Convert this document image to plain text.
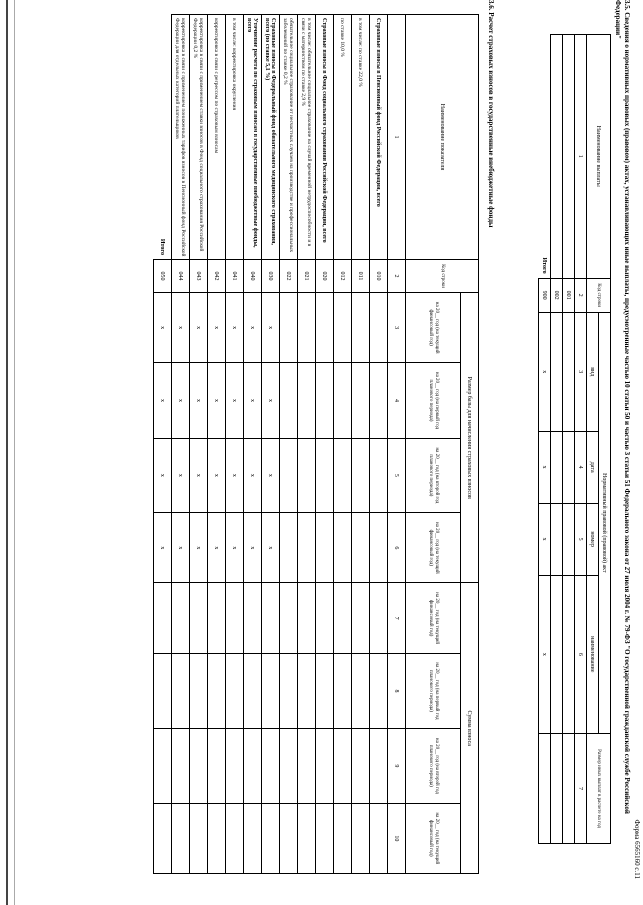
Форма 6565160 с.11
3.5. Сведения о нормативных правовых (правовом) актах, устанавливающих иные выплаты, предусмотренные частью 10 статьи 50 и частью 3 статьи 51 Федерального закона от 27 июля 2004 г. № 79-ФЗ "О государственной гражданской службе Российской
Федерации"
Наименование выплаты	Код строки	Нормативный правовой (правовой) акт				Размер иных выплат в расчете на год
		вид	дата	номер	наименование	
1	2	3	4	5	6	7
	001					
	002					
Итого	900	x	x	x	x	
3.6. Расчет страховых взносов в государственные внебюджетные фонды
Наименование показателя	Код строки	Размер базы для начисления страховых взносов				Сумма взноса			
		на 20__ год (на текущий финансовый год)	на 20__ год (на первый год планового периода)	на 20__ год (на второй год планового периода)	на 20__ год (на текущий финансовый год)	на 20__ год (на текущий финансовый год)	на 20__ год (на первый год планового периода)	на 20__ год (на второй год планового периода)	на 20__ год (на текущий финансовый год)
1	2	3	4	5	6	7	8	9	10
Страховые взносы в Пенсионный фонд Российской Федерации, всего	010								
в том числе: по ставке 22,0 %	011								
по ставке 10,0 %	012								
Страховые взносы в Фонд социального страхования Российской Федерации, всего	020								
в том числе: обязательное социальное страхование на случай временной нетрудоспособности и в связи с материнством по ставке 2,9 %	021								
обязательное социальное страхование от несчастных случаев на производстве и профессиональных заболеваний по ставке 0,2 %	022								
Страховые взносы в Федеральный фонд обязательного медицинского страхования, всего (по ставке 5,1 %)	030	x	x	x	x				
Уточнение расчета по страховым взносам в государственные внебюджетные фонды, всего	040	x	x	x	x				
в том числе: корректировка округления	041	x	x	x	x				
корректировка в связи с регрессом по страховым взносам	042	x	x	x	x				
корректировка в связи с применением ставки взносов в Фонд социального страхования Российской Федерации 0,2 %	043	x	x	x	x				
корректировка в связи с применением пониженных тарифов взносов в Пенсионный фонд Российской Федерации для отдельных категорий плательщиков	044	x	x	x	x				
Итого	050	x	x	x	x				
